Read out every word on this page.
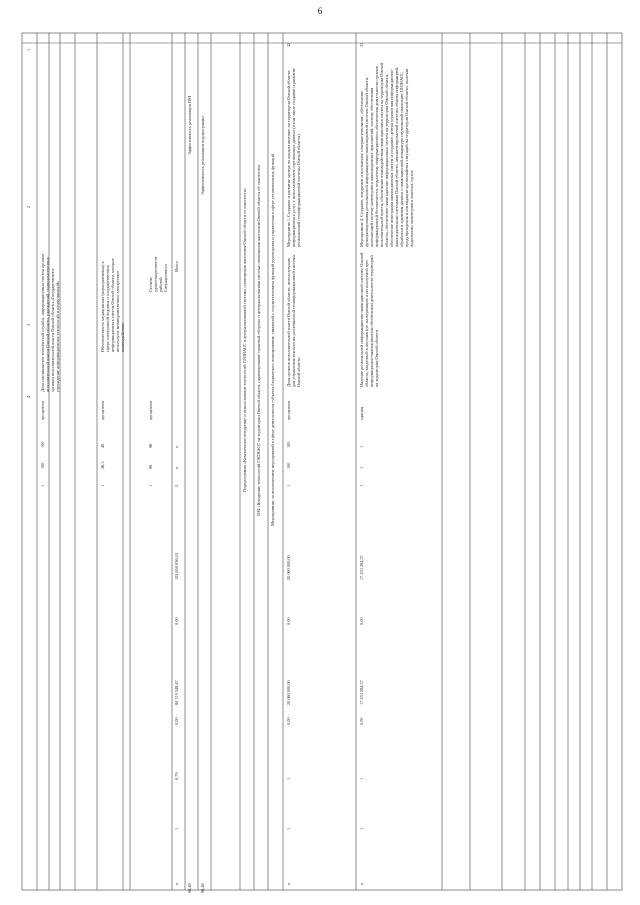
6
1
2
3
4
Доля специалистов технической службы, информационных систем органов исполнительной власти Омской области, учреждений, подведомственных органам исполнительной власти Омской области «Государственное учреждение информационных технологий и коммуникаций»
процентов
Обеспеченность медицинских (корпоративных) в сфере электронной подписи и государственных информационных систем Омской области, которые используют межведомственное электронное взаимодействие
процентов
Степень удовлетворенности работой Ситуационного
процентов
Итого
Эффективность реализации ОМ Эффективность реализации подпрограммы
Подпрограмма «Комплексное внедрение и использование технологий ГЛОНАСС и централизованной системы оповещения населения Омской области от опасности»	ОМ «Внедрение технологий ГЛОНАСС на территории Омской области, гарантирование правовой обороны и централизованная система оповещения населения Омской области об опасности»	Мероприятия, за исключением мероприятий в сфере деятельности субъекта бюджетного планирования, связанной с осуществлением функций руководства и управления в сфере установленных функций
32
Мероприятие 1. Создание и развитие центра по предоставлению на территории Омской области информационных услуг с использованием спутниковых данных (в том числе создание и развитие региональной геоинформационной системы Омской области)
Доля органов исполнительной власти Омской области, использующих для управления технологии региональной геоинформационной системы Омской области
процентов
33
Мероприятие 4. Создание, внедрение и постоянное совершенствование, обеспечение функционирования региональной информационно-навигационной системы Омской области, включающей систему мониторинга навигационных приложений, систему обеспечения информационной безопасности, подсистему информационного обеспечения деятельности органов исполнительной власти, обеспечение взаимодействия навигационных систем на территории Омской области, обеспечение навигационно-информационных систем на территории Омской области, обеспечение интеграции навигационных систем и созданию центра управления информационно-навигационными системами Омской области, автоматизированной системы обмена информацией, обработки и хранения данных о навигационной аппаратуре спутниковой навигации ГЛОНАСС, предупреждения и ликвидации чрезвычайных ситуаций на территории Омской области, включая подсистемы мониторинга опасных грузов
Наличие региональной информационно-навигационной системы Омской области, введенной в постоянную эксплуатацию и используемой при информационно-навигационном обеспечении деятельности территорий на территории Омской области
единиц
100
100
1
40
56,3
1
96
98
1
x
x
2
102 650 936,20
0,00
80 319 248,47
0,00
0,79
1
x 96,48 96,48
100
100
1
20 060 000,00
0,00
20 060 000,00
0,00
1
1
x
1
1
1
17 253 284,37
0,00
17 253 284,37
0,90
1
1
x
